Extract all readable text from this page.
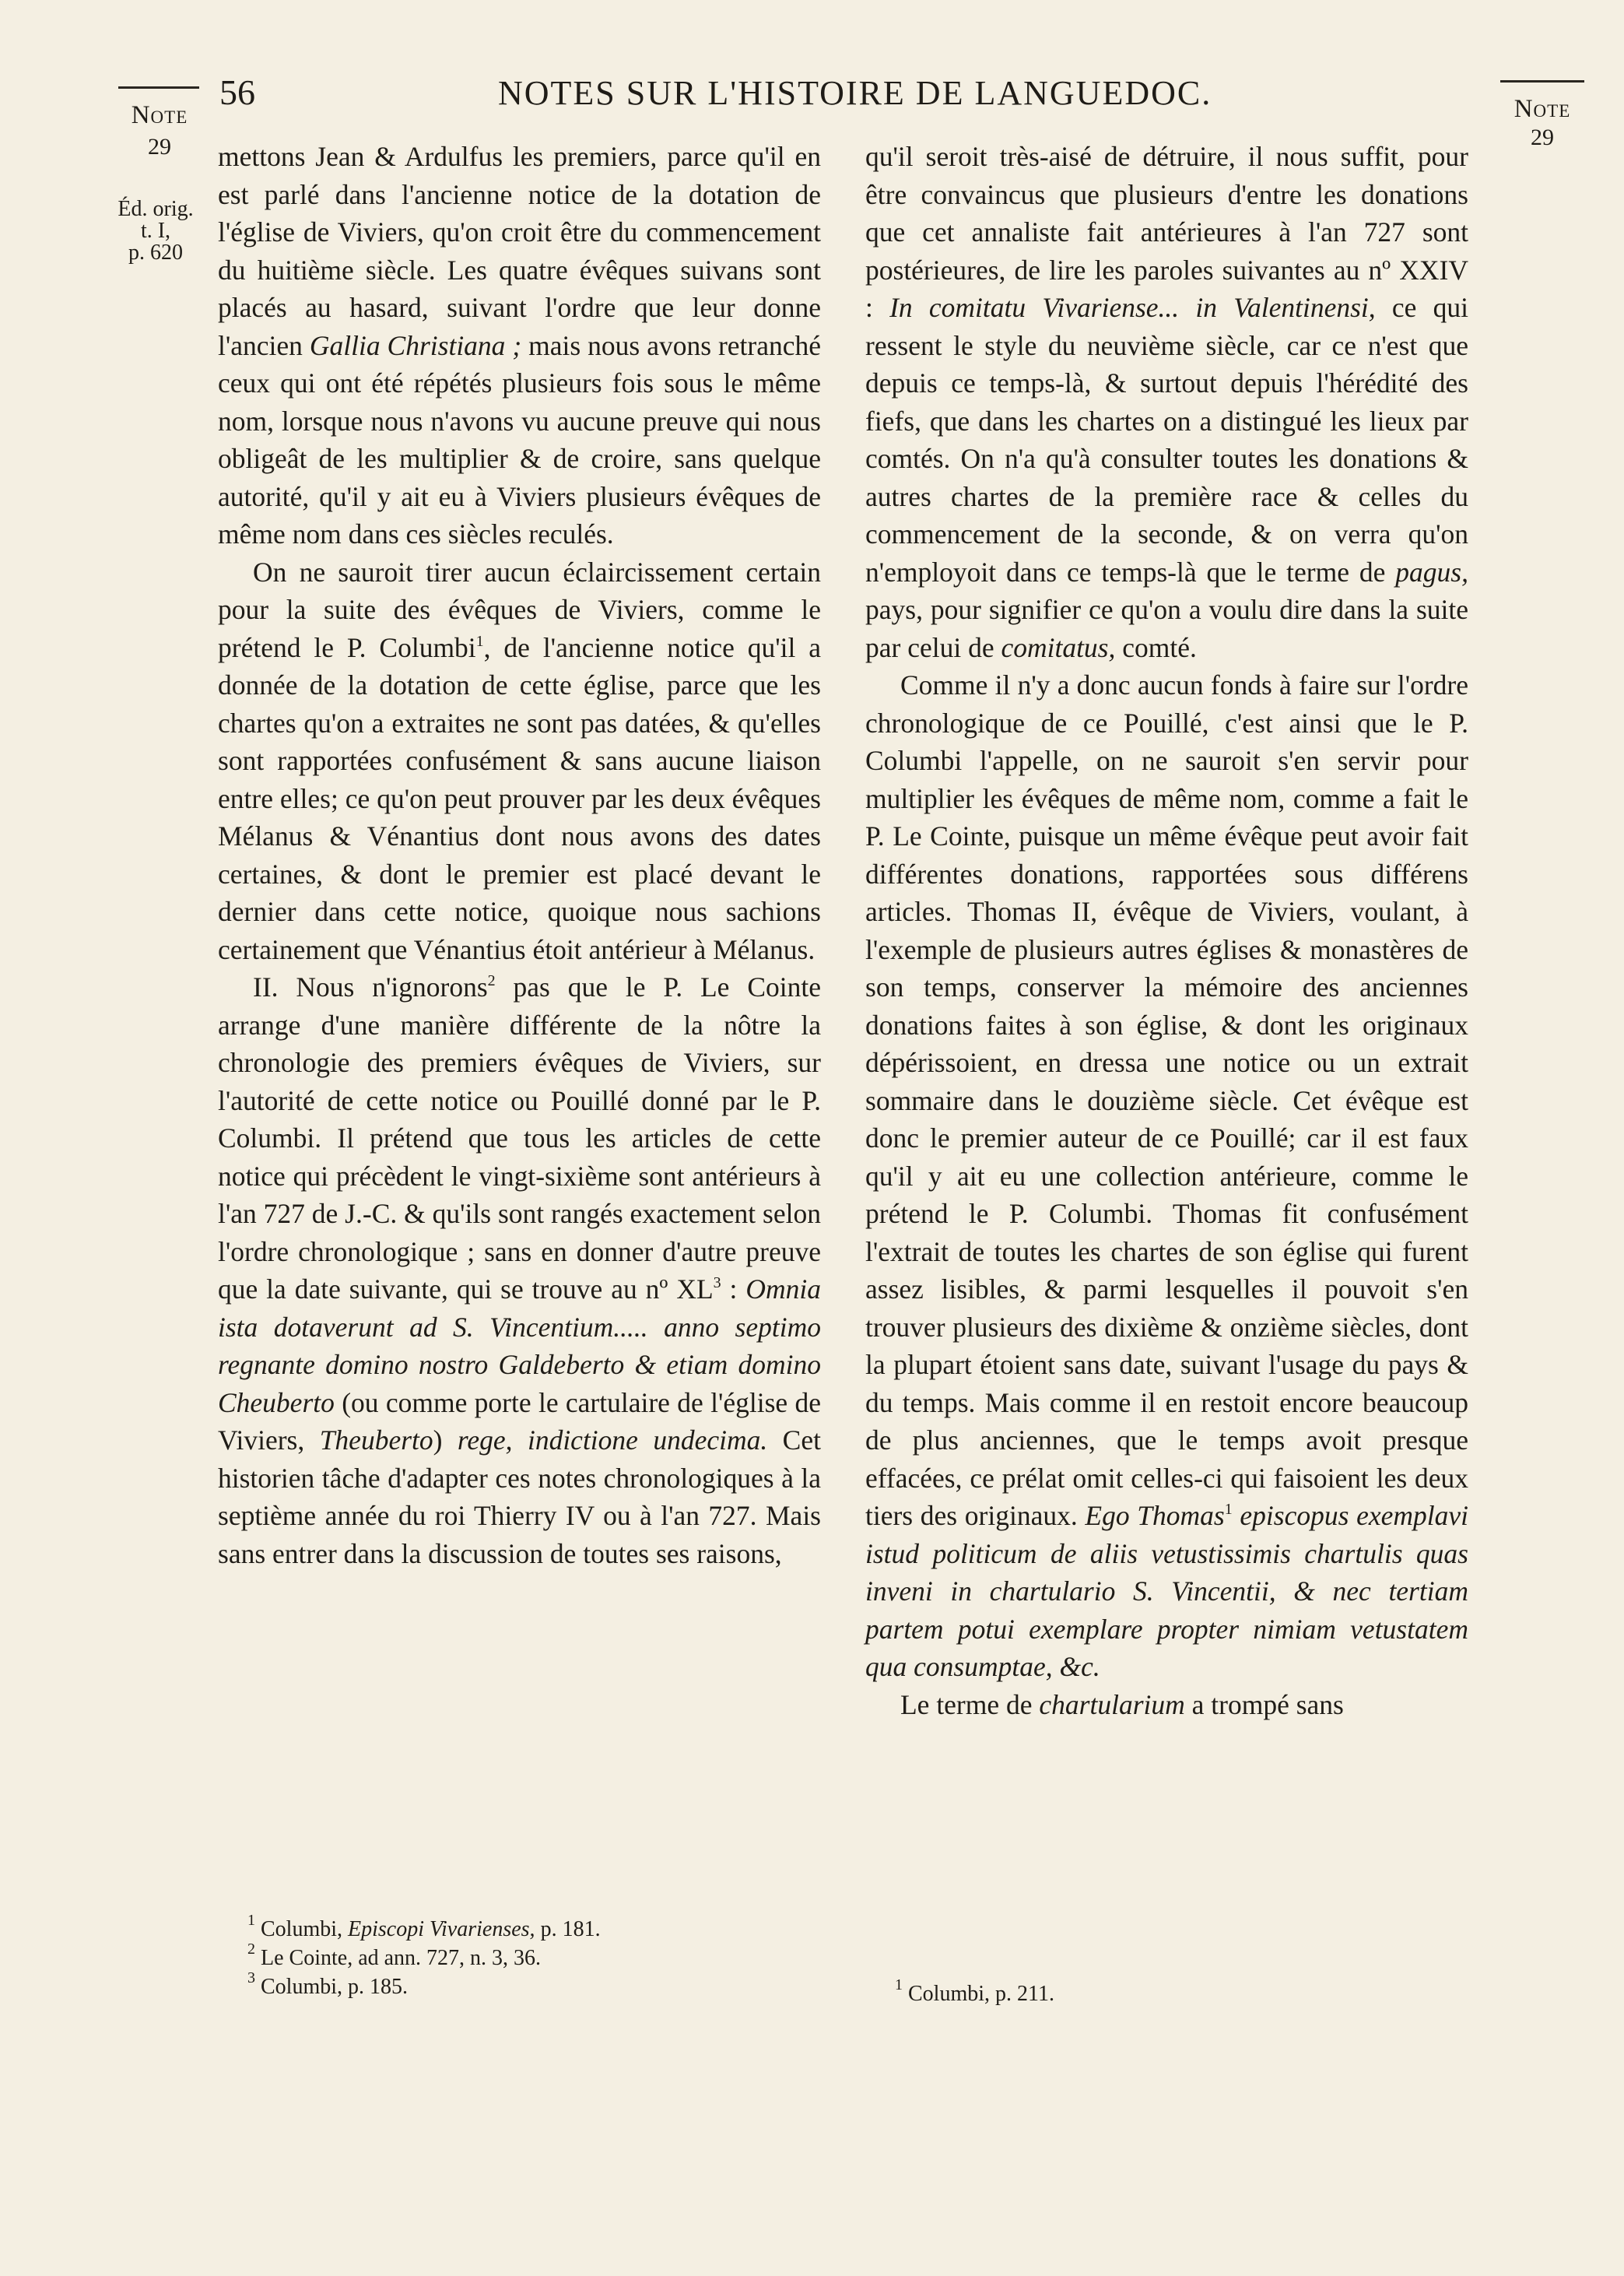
Note
29
Éd. orig.
t. I,
p. 620
56	NOTES SUR L'HISTOIRE DE LANGUEDOC.	Note
29

mettons Jean & Ardulfus les premiers, parce qu'il en est parlé dans l'ancienne notice de la dotation de l'église de Viviers, qu'on croit être du commencement du huitième siècle. Les quatre évêques suivans sont placés au hasard, suivant l'ordre que leur donne l'ancien Gallia Christiana ; mais nous avons retranché ceux qui ont été répétés plusieurs fois sous le même nom, lorsque nous n'avons vu aucune preuve qui nous obligeât de les multiplier & de croire, sans quelque autorité, qu'il y ait eu à Viviers plusieurs évêques de même nom dans ces siècles reculés.

On ne sauroit tirer aucun éclaircissement certain pour la suite des évêques de Viviers, comme le prétend le P. Columbi$^1$, de l'ancienne notice qu'il a donnée de la dotation de cette église, parce que les chartes qu'on a extraites ne sont pas datées, & qu'elles sont rapportées confusément & sans aucune liaison entre elles; ce qu'on peut prouver par les deux évêques Mélanus & Vénantius dont nous avons des dates certaines, & dont le premier est placé devant le dernier dans cette notice, quoique nous sachions certainement que Vénantius étoit antérieur à Mélanus.

II. Nous n'ignorons$^2$ pas que le P. Le Cointe arrange d'une manière différente de la nôtre la chronologie des premiers évêques de Viviers, sur l'autorité de cette notice ou Pouillé donné par le P. Columbi. Il prétend que tous les articles de cette notice qui précèdent le vingt-sixième sont antérieurs à l'an 727 de J.-C. & qu'ils sont rangés exactement selon l'ordre chronologique ; sans en donner d'autre preuve que la date suivante, qui se trouve au nº $XL^3$ : Omnia ista dotaverunt ad S. Vincentium..... anno septimo regnante domino nostro Galdeberto & etiam domino Cheuberto (ou comme porte le cartulaire de l'église de Viviers, Theuberto) rege, indictione undecima. Cet historien tâche d'adapter ces notes chronologiques à la septième année du roi Thierry IV ou à l'an 727. Mais sans entrer dans la discussion de toutes ses raisons,

qu'il seroit très-aisé de détruire, il nous suffit, pour être convaincus que plusieurs d'entre les donations que cet annaliste fait antérieures à l'an 727 sont postérieures, de lire les paroles suivantes au nº XXIV : In comitatu Vivariense... in Valentinensi, ce qui ressent le style du neuvième siècle, car ce n'est que depuis ce temps-là, & surtout depuis l'hérédité des fiefs, que dans les chartes on a distingué les lieux par comtés. On n'a qu'à consulter toutes les donations & autres chartes de la première race & celles du commencement de la seconde, & on verra qu'on n'employoit dans ce temps-là que le terme de pagus, pays, pour signifier ce qu'on a voulu dire dans la suite par celui de comitatus, comté.

Comme il n'y a donc aucun fonds à faire sur l'ordre chronologique de ce Pouillé, c'est ainsi que le P. Columbi l'appelle, on ne sauroit s'en servir pour multiplier les évêques de même nom, comme a fait le P. Le Cointe, puisque un même évêque peut avoir fait différentes donations, rapportées sous différens articles. Thomas II, évêque de Viviers, voulant, à l'exemple de plusieurs autres églises & monastères de son temps, conserver la mémoire des anciennes donations faites à son église, & dont les originaux dépérissoient, en dressa une notice ou un extrait sommaire dans le douzième siècle. Cet évêque est donc le premier auteur de ce Pouillé; car il est faux qu'il y ait eu une collection antérieure, comme le prétend le P. Columbi. Thomas fit confusément l'extrait de toutes les chartes de son église qui furent assez lisibles, & parmi lesquelles il pouvoit s'en trouver plusieurs des dixième & onzième siècles, dont la plupart étoient sans date, suivant l'usage du pays & du temps. Mais comme il en restoit encore beaucoup de plus anciennes, que le temps avoit presque effacées, ce prélat omit celles-ci qui faisoient les deux tiers des originaux. Ego Thomas$^1$ episcopus exemplavi istud politicum de aliis vetustissimis chartulis quas inveni in chartulario S. Vincentii, & nec tertiam partem potui exemplare propter nimiam vetustatem qua consumptae, &c.

Le terme de chartularium a trompé sans

$^1$ Columbi, Episcopi Vivarienses, p. 181.
$^2$ Le Cointe, ad ann. 727, n. 3, 36.
$^3$ Columbi, p. 185.	$^1$ Columbi, p. 211.
